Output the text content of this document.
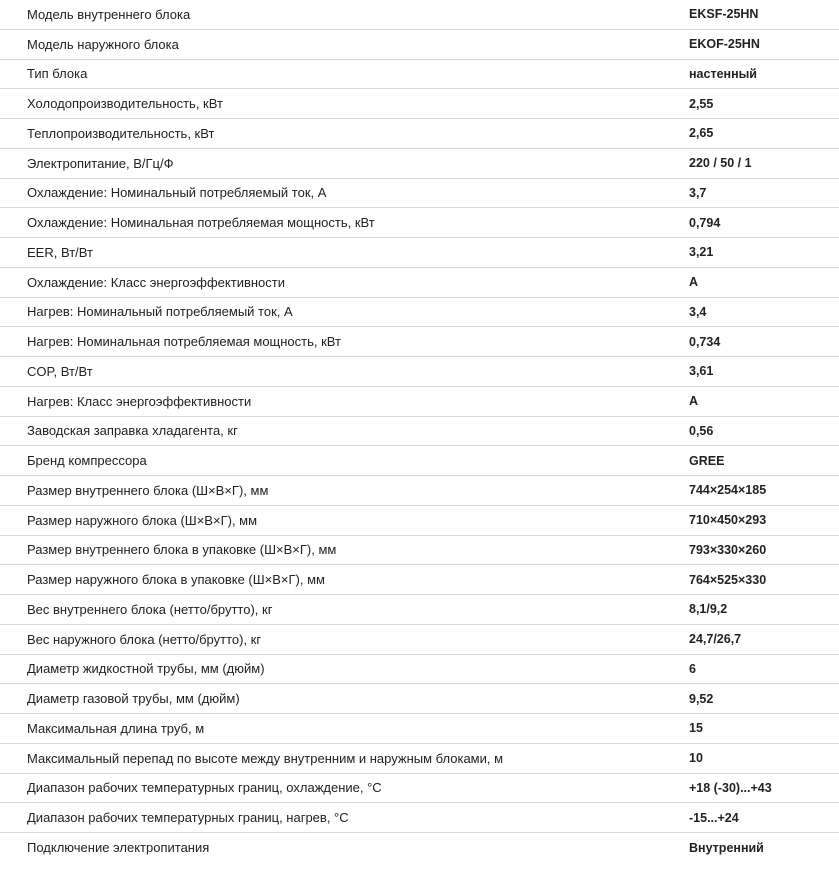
Модель внутреннего блока	EKSF-25HN
Модель наружного блока	EKOF-25HN
Тип блока	настенный
Холодопроизводительность, кВт	2,55
Теплопроизводительность, кВт	2,65
Электропитание, В/Гц/Ф	220 / 50 / 1
Охлаждение: Номинальный потребляемый ток, А	3,7
Охлаждение: Номинальная потребляемая мощность, кВт	0,794
EER, Вт/Вт	3,21
Охлаждение: Класс энергоэффективности	A
Нагрев: Номинальный потребляемый ток, А	3,4
Нагрев: Номинальная потребляемая мощность, кВт	0,734
COP, Вт/Вт	3,61
Нагрев: Класс энергоэффективности	A
Заводская заправка хладагента, кг	0,56
Бренд компрессора	GREE
Размер внутреннего блока (Ш×В×Г), мм	744×254×185
Размер наружного блока (Ш×В×Г), мм	710×450×293
Размер внутреннего блока в упаковке (Ш×В×Г), мм	793×330×260
Размер наружного блока в упаковке (Ш×В×Г), мм	764×525×330
Вес внутреннего блока (нетто/брутто), кг	8,1/9,2
Вес наружного блока (нетто/брутто), кг	24,7/26,7
Диаметр жидкостной трубы, мм (дюйм)	6
Диаметр газовой трубы, мм (дюйм)	9,52
Максимальная длина труб, м	15
Максимальный перепад по высоте между внутренним и наружным блоками, м	10
Диапазон рабочих температурных границ, охлаждение, °С	+18 (-30)...+43
Диапазон рабочих температурных границ, нагрев, °С	-15...+24
Подключение электропитания	Внутренний
